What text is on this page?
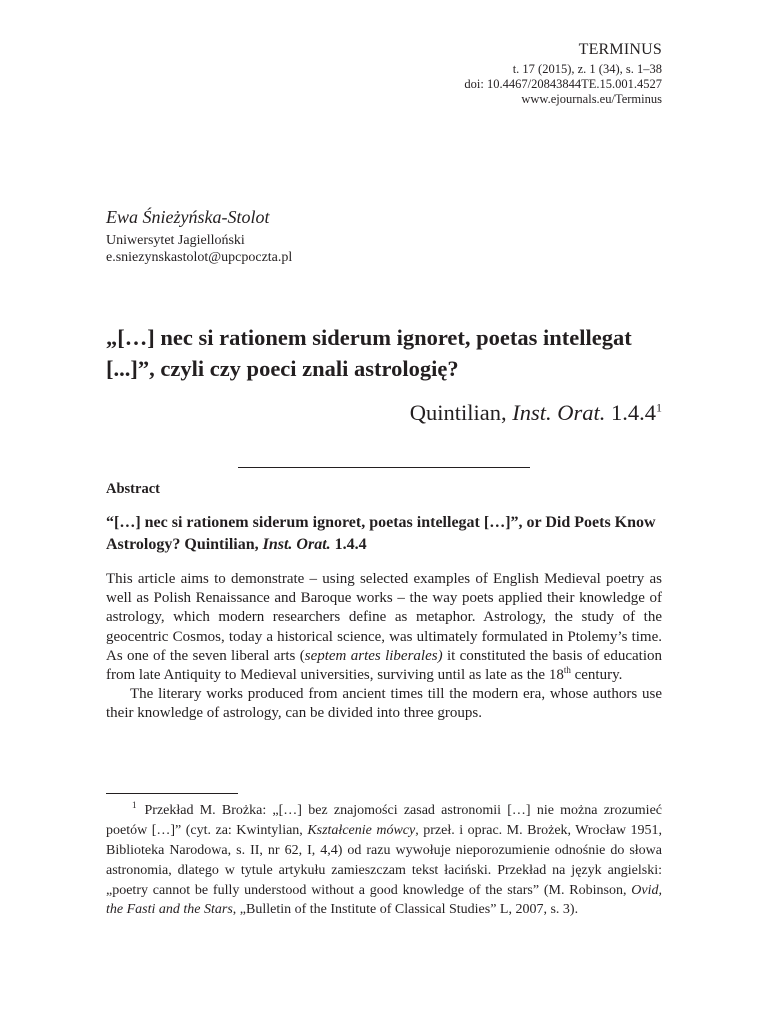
TERMINUS
t. 17 (2015), z. 1 (34), s. 1–38
doi: 10.4467/20843844TE.15.001.4527
www.ejournals.eu/Terminus
Ewa Śnieżyńska-Stolot
Uniwersytet Jagielloński
e.sniezynskastolot@upcpoczta.pl
„[…] nec si rationem siderum ignoret, poetas intellegat [...]”, czyli czy poeci znali astrologię?
Quintilian, Inst. Orat. 1.4.4$^1$
Abstract
“[…] nec si rationem siderum ignoret, poetas intellegat […]”, or Did Poets Know Astrology? Quintilian, Inst. Orat. 1.4.4

This article aims to demonstrate – using selected examples of English Medieval poetry as well as Polish Renaissance and Baroque works – the way poets applied their knowledge of astrology, which modern researchers define as metaphor. Astrology, the study of the geocentric Cosmos, today a historical science, was ultimately formulated in Ptolemy’s time. As one of the seven liberal arts (septem artes liberales) it constituted the basis of education from late Antiquity to Medieval universities, surviving until as late as the 18th century.

The literary works produced from ancient times till the modern era, whose authors use their knowledge of astrology, can be divided into three groups.

$^1$ Przekład M. Brożka: „[…] bez znajomości zasad astronomii […] nie można zrozumieć poetów […]” (cyt. za: Kwintylian, Kształcenie mówcy, przeł. i oprac. M. Brożek, Wrocław 1951, Biblioteka Narodowa, s. II, nr 62, I, 4,4) od razu wywołuje nieporozumienie odnośnie do słowa astronomia, dlatego w tytule artykułu zamieszczam tekst łaciński. Przekład na język angielski: „poetry cannot be fully understood without a good knowledge of the stars” (M. Robinson, Ovid, the Fasti and the Stars, „Bulletin of the Institute of Classical Studies” L, 2007, s. 3).
